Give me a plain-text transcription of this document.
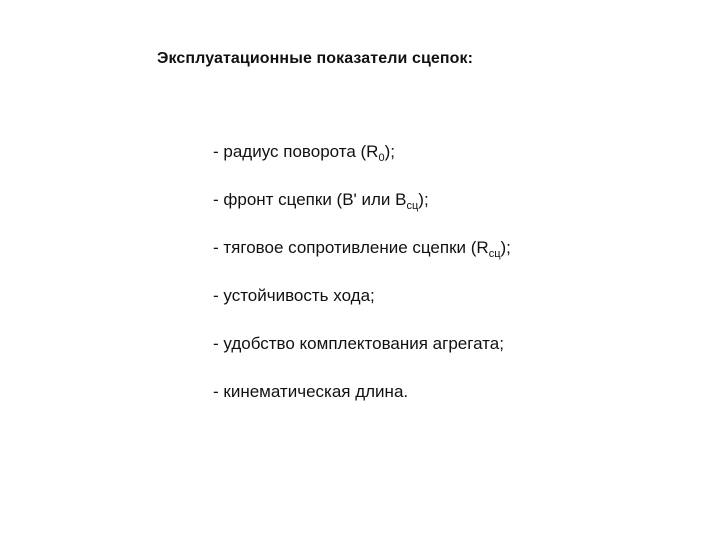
Эксплуатационные показатели сцепок:
- радиус поворота $(R_0)$;
- фронт сцепки (B' или $B_{сц}$);
- тяговое сопротивление сцепки $(R_{сц})$;
- устойчивость хода;
- удобство комплектования агрегата;
- кинематическая длина.
